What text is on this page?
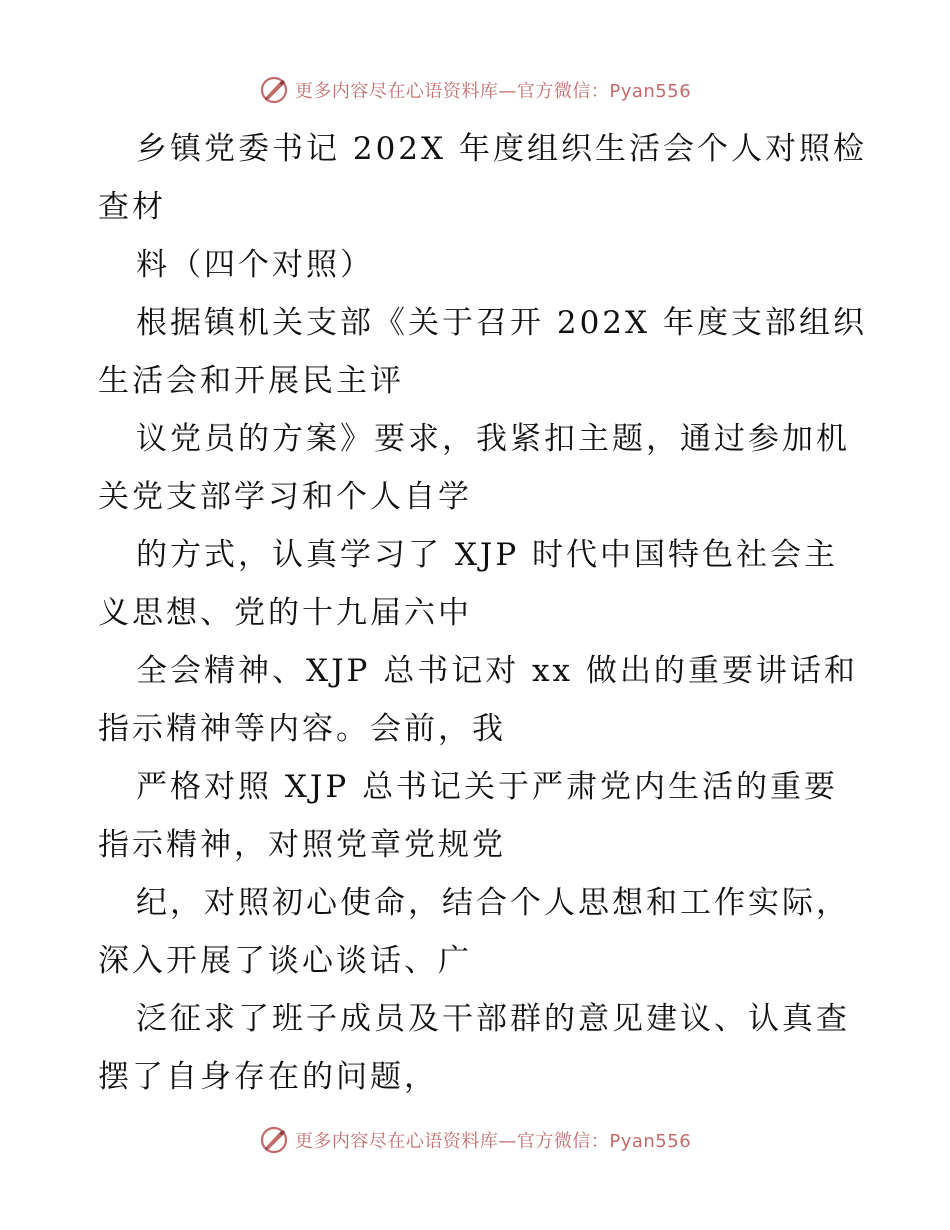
更多内容尽在心语资料库—官方微信：Pyan556
乡镇党委书记 202X 年度组织生活会个人对照检
查材
料（四个对照）
根据镇机关支部《关于召开 202X 年度支部组织
生活会和开展民主评
议党员的方案》要求，我紧扣主题，通过参加机
关党支部学习和个人自学
的方式，认真学习了 XJP 时代中国特色社会主
义思想、党的十九届六中
全会精神、XJP 总书记对 xx 做出的重要讲话和
指示精神等内容。会前，我
严格对照 XJP 总书记关于严肃党内生活的重要
指示精神，对照党章党规党
纪，对照初心使命，结合个人思想和工作实际，
深入开展了谈心谈话、广
泛征求了班子成员及干部群的意见建议、认真查
摆了自身存在的问题，
更多内容尽在心语资料库—官方微信：Pyan556
